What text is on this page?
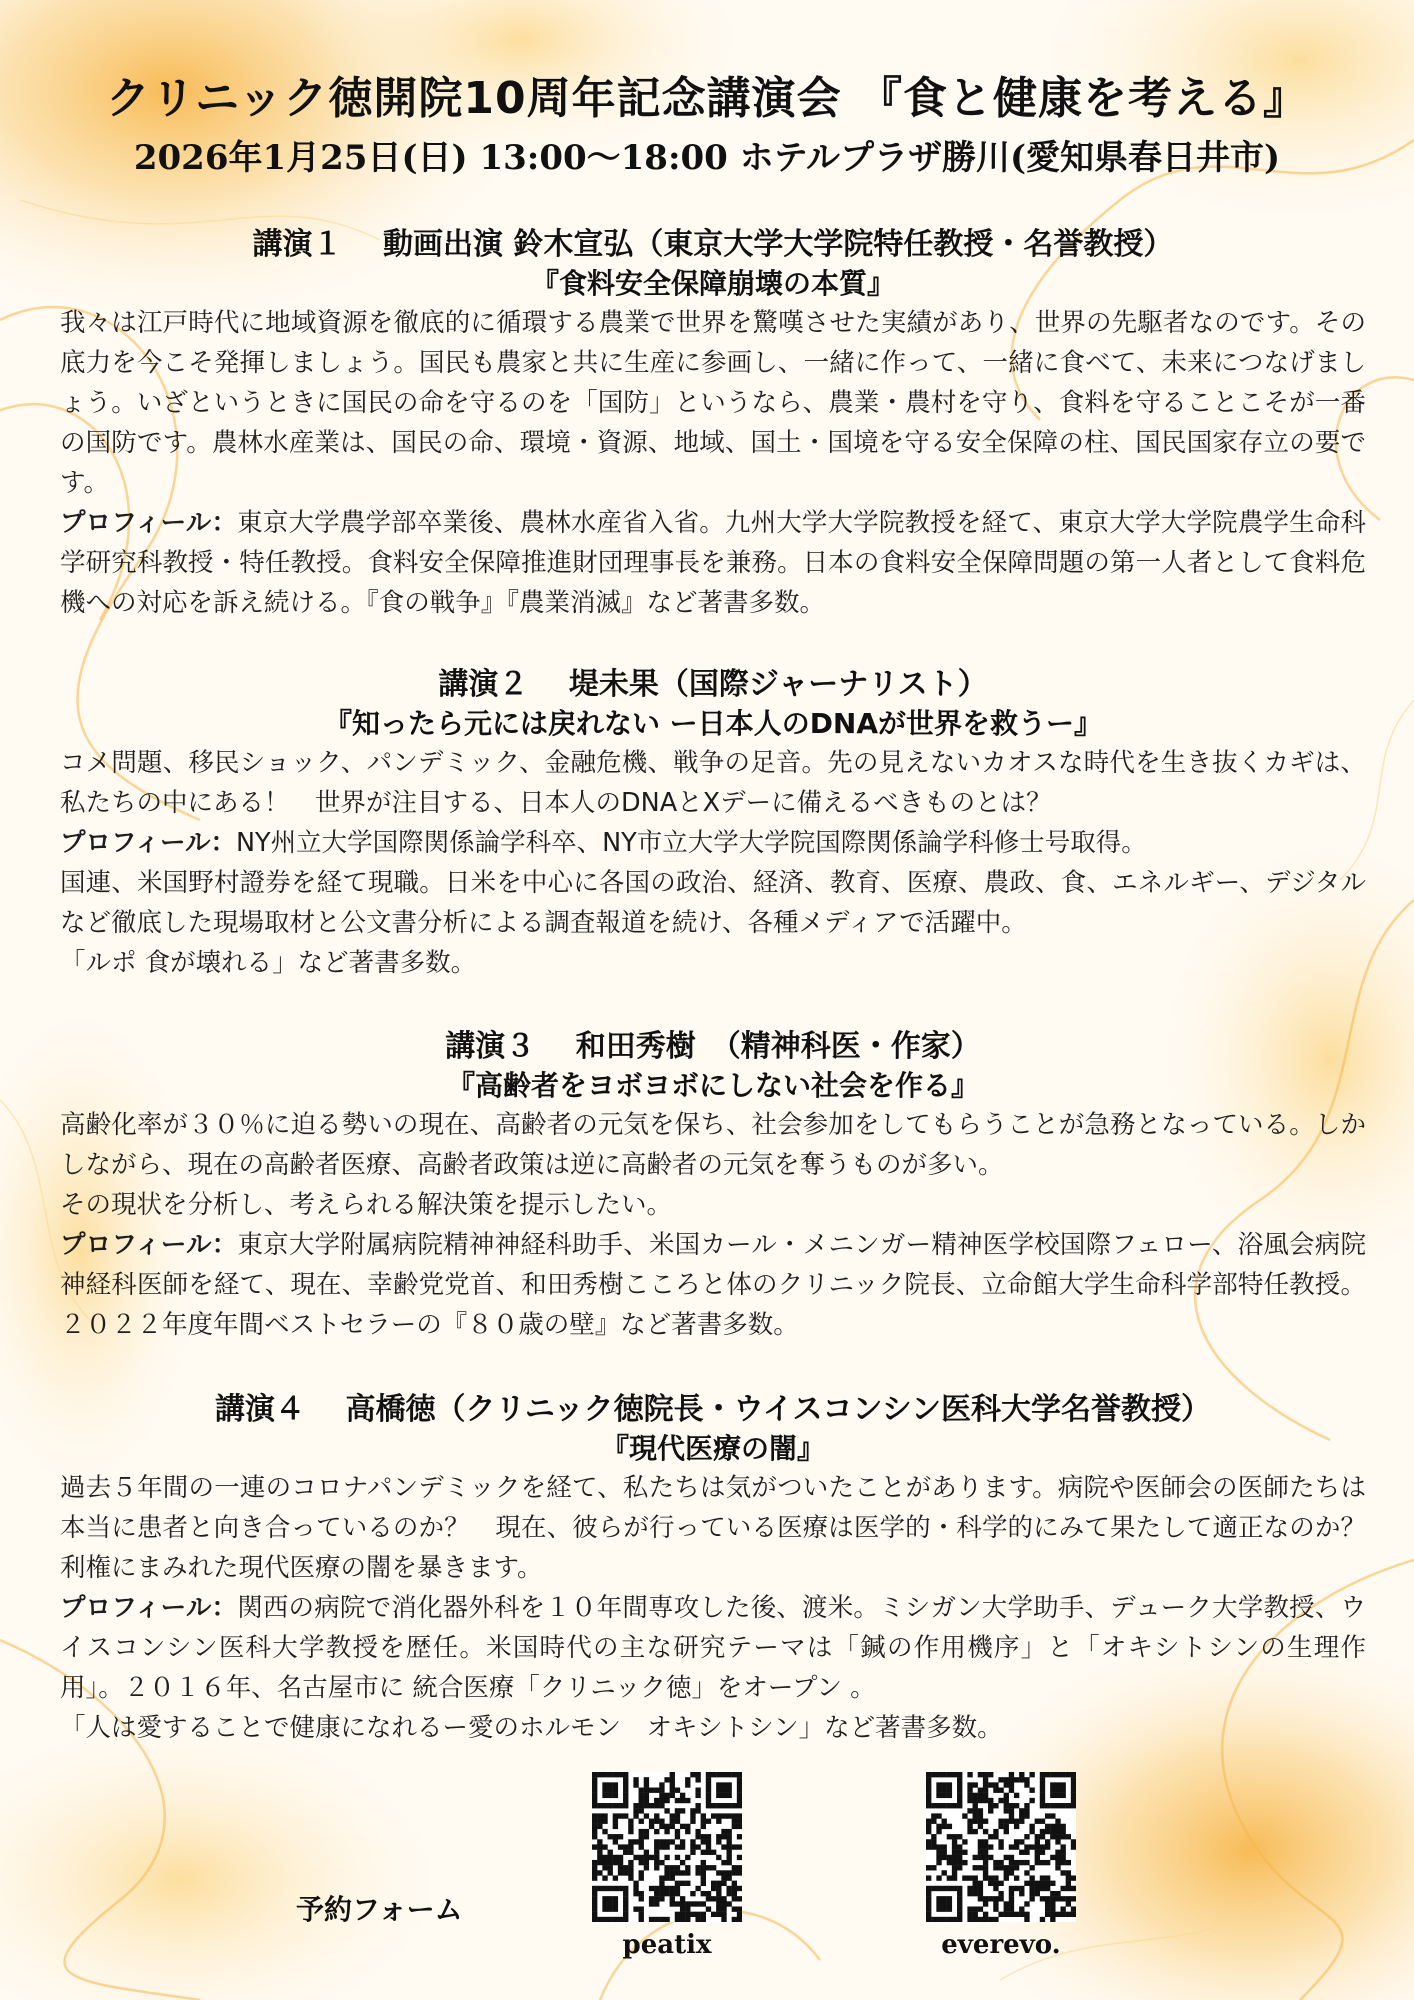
クリニック徳開院10周年記念講演会 『食と健康を考える』
2026年1月25日(日) 13:00〜18:00 ホテルプラザ勝川(愛知県春日井市)
講演１　 動画出演 鈴木宣弘（東京大学大学院特任教授・名誉教授）
『食料安全保障崩壊の本質』

我々は江戸時代に地域資源を徹底的に循環する農業で世界を驚嘆させた実績があり、世界の先駆者なのです。その底力を今こそ発揮しましょう。国民も農家と共に生産に参画し、一緒に作って、一緒に食べて、未来につなげましょう。いざというときに国民の命を守るのを「国防」というなら、農業・農村を守り、食料を守ることこそが一番の国防です。農林水産業は、国民の命、環境・資源、地域、国土・国境を守る安全保障の柱、国民国家存立の要です。

プロフィール：東京大学農学部卒業後、農林水産省入省。九州大学大学院教授を経て、東京大学大学院農学生命科学研究科教授・特任教授。食料安全保障推進財団理事長を兼務。日本の食料安全保障問題の第一人者として食料危機への対応を訴え続ける。『食の戦争』『農業消滅』など著書多数。

講演２　 堤未果（国際ジャーナリスト）
『知ったら元には戻れない ー日本人のDNAが世界を救うー』

コメ問題、移民ショック、パンデミック、金融危機、戦争の足音。先の見えないカオスな時代を生き抜くカギは、私たちの中にある！　世界が注目する、日本人のDNAとXデーに備えるべきものとは？

プロフィール：NY州立大学国際関係論学科卒、NY市立大学大学院国際関係論学科修士号取得。

国連、米国野村證券を経て現職。日米を中心に各国の政治、経済、教育、医療、農政、食、エネルギー、デジタルなど徹底した現場取材と公文書分析による調査報道を続け、各種メディアで活躍中。

「ルポ 食が壊れる」など著書多数。

講演３　 和田秀樹　（精神科医・作家）
『高齢者をヨボヨボにしない社会を作る』

高齢化率が３０％に迫る勢いの現在、高齢者の元気を保ち、社会参加をしてもらうことが急務となっている。しかしながら、現在の高齢者医療、高齢者政策は逆に高齢者の元気を奪うものが多い。

その現状を分析し、考えられる解決策を提示したい。

プロフィール：東京大学附属病院精神神経科助手、米国カール・メニンガー精神医学校国際フェロー、浴風会病院神経科医師を経て、現在、幸齢党党首、和田秀樹こころと体のクリニック院長、立命館大学生命科学部特任教授。２０２２年度年間ベストセラーの『８０歳の壁』など著書多数。

講演４　 高橋徳（クリニック徳院長・ウイスコンシン医科大学名誉教授）
『現代医療の闇』

過去５年間の一連のコロナパンデミックを経て、私たちは気がついたことがあります。病院や医師会の医師たちは本当に患者と向き合っているのか？　現在、彼らが行っている医療は医学的・科学的にみて果たして適正なのか？　利権にまみれた現代医療の闇を暴きます。

プロフィール：関西の病院で消化器外科を１０年間専攻した後、渡米。ミシガン大学助手、デューク大学教授、ウイスコンシン医科大学教授を歴任。米国時代の主な研究テーマは「鍼の作用機序」と「オキシトシンの生理作用」。２０１６年、名古屋市に 統合医療「クリニック徳」をオープン 。

「人は愛することで健康になれるー愛のホルモン　オキシトシン」など著書多数。

予約フォーム
peatix	everevo.
